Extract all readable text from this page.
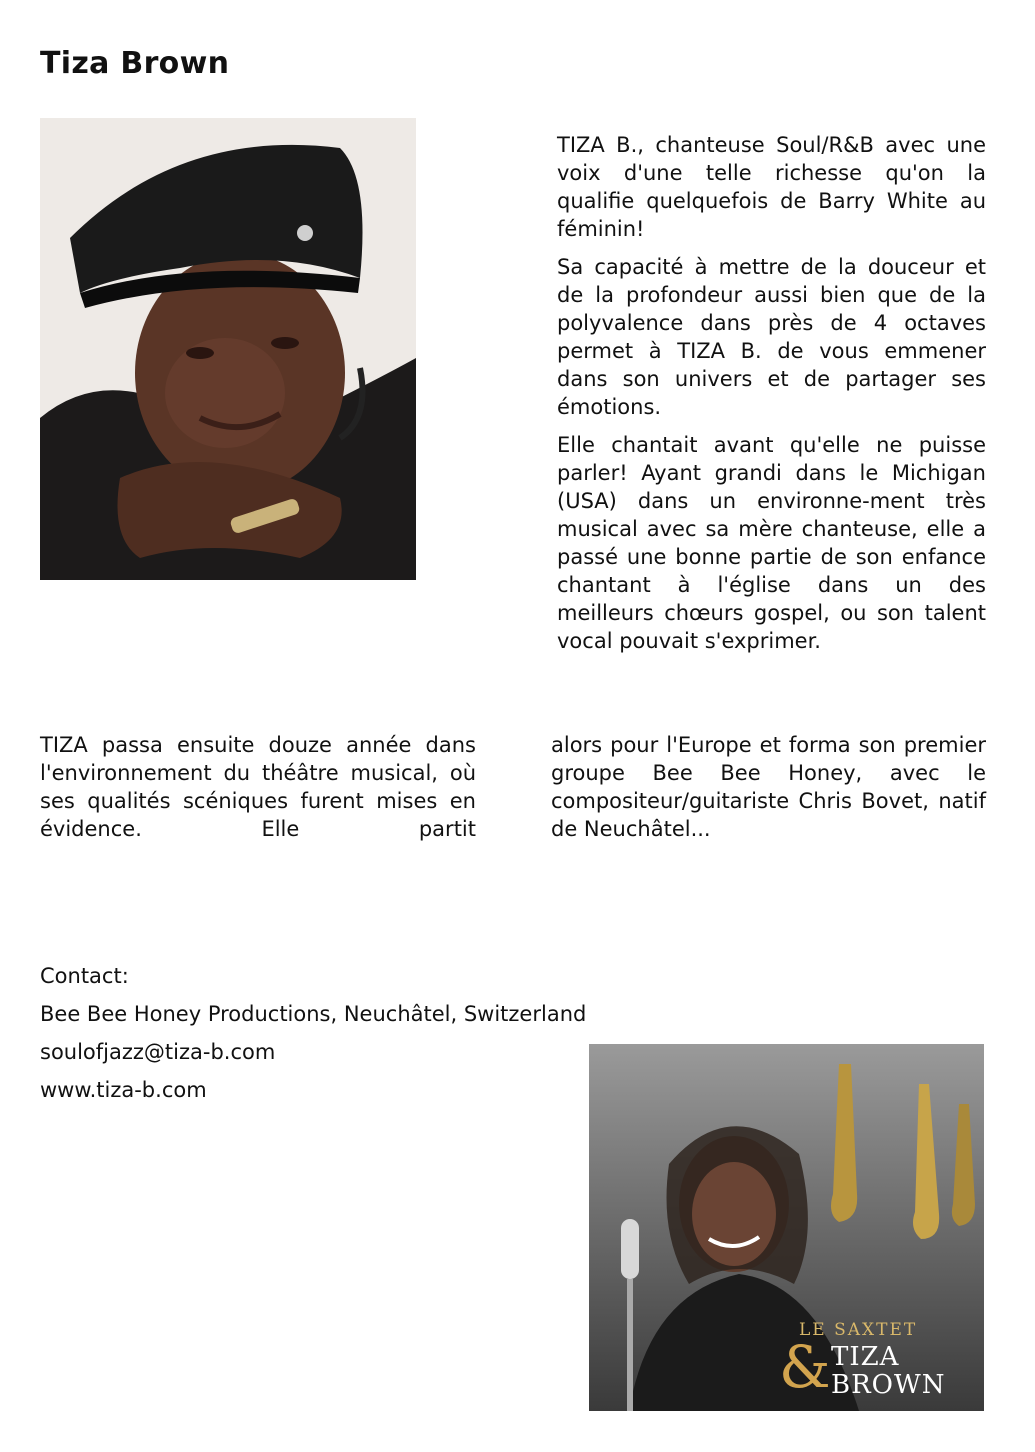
Tiza Brown

TIZA B., chanteuse Soul/R&B avec une voix d'une telle richesse qu'on la qualifie quelquefois de Barry White au féminin!

Sa capacité à mettre de la douceur et de la profondeur aussi bien que de la polyvalence dans près de 4 octaves permet à TIZA B. de vous emmener dans son univers et de partager ses émotions.

Elle chantait avant qu'elle ne puisse parler! Ayant grandi dans le Michigan (USA) dans un environne-ment très musical avec sa mère chanteuse, elle a passé une bonne partie de son enfance chantant à l'église dans un des meilleurs chœurs gospel, ou son talent vocal pouvait s'exprimer.

TIZA passa ensuite douze année dans l'environnement du théâtre musical, où ses qualités scéniques furent mises en évidence. Elle partit

alors pour l'Europe et forma son premier groupe Bee Bee Honey, avec le compositeur/guitariste Chris Bovet, natif de Neuchâtel...

Contact:
Bee Bee Honey Productions, Neuchâtel, Switzerland
soulofjazz@tiza-b.com
www.tiza-b.com
LE SAXTET
& TIZA
BROWN
